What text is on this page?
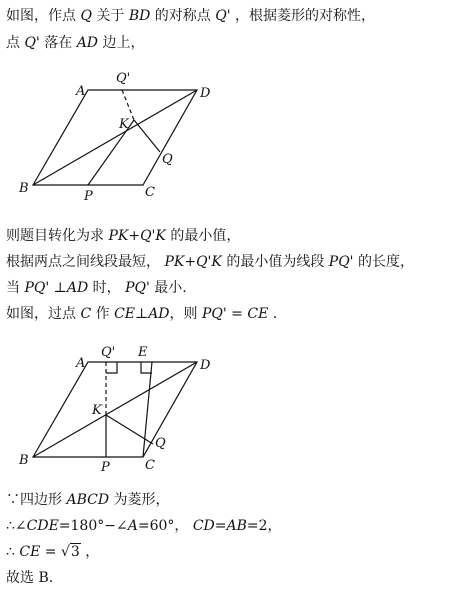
如图，作点 Q 关于 BD 的对称点 Q' ，根据菱形的对称性，
点 Q' 落在 AD 边上，
A
Q'
D
K
Q
B
P	C
则题目转化为求 PK+Q'K 的最小值，
根据两点之间线段最短， PK+Q'K 的最小值为线段 PQ' 的长度，
当 PQ' ⊥AD 时， PQ' 最小.
如图，过点 C 作 CE⊥AD，则 PQ' = CE .
A
Q' E
D
K
Q
B	P	C
∵四边形 ABCD 为菱形，
∴∠CDE=180°−∠A=60°， CD=AB=2，
∴ CE = √3 ，
故选 B.
